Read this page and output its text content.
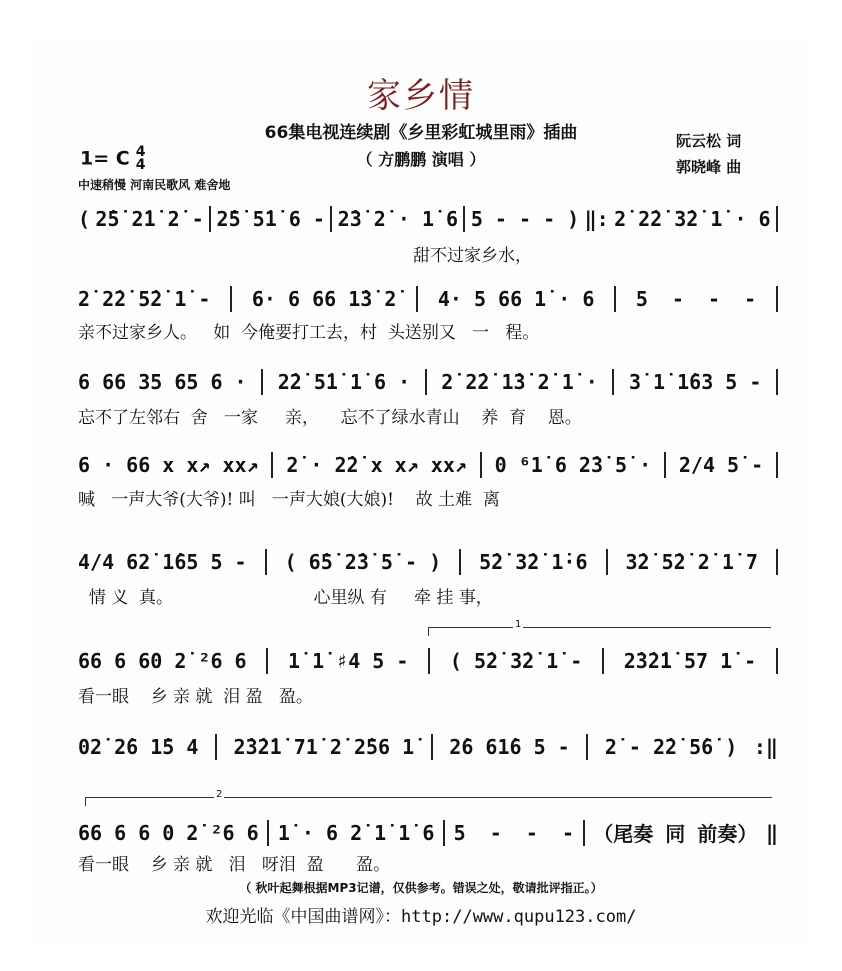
家乡情
66集电视连续剧《乡里彩虹城里雨》插曲
（ 方鹏鹏 演唱 ）
1= C 4
4
中速稍慢 河南民歌风 难舍地
阮云松 词
郭晓峰 曲
( 2̇5̇ 2̇1̇ 2̇ - 2̇5̇ 5̇1̇ 6 - 2̇3̇ 2̇ · 1̇ 6 5 - - - ) ‖: 2̇ 2̇2̇ 3̇2̇ 1̇ · 6
甜不过家乡水，
2̇ 2̇2̇ 5̇2̇ 1̇ - 6· 6 66 1̇3̇ 2̇ 4· 5 66 1̇ · 6 5  -  -  -
亲不过家乡人。   如  今俺要打工去，村  头送别又   一   程。
6 66 35 65 6 · 2̇2̇ 5̇1̇ 1̇ 6 · 2̇ 2̇2̇ 1̇3̇ 2̇ 1̇ · 3̇ 1̇ 1̇63 5 -
忘不了左邻右  舍   一家     亲，    忘不了绿水青山    养  育    恩。
6 · 66 x x↗ xx↗ 2̇ · 2̇2̇ x x↗ xx↗ 0 ⁶1̇ 6 2̇3̇ 5̇ · 2/4 5̇ -
喊   一声大爷(大爷)! 叫   一声大娘(大娘)!    故 土难  离
4/4 62̇ 1̇65 5 - ( 6̇5̇ 2̇3̇ 5̇ - ) 5̇2̇ 3̇2̇ 1̇·6 3̇2̇ 5̇2̇ 2̇ 1̇ 7
情 义  真。                          心里纵 有     牵 挂 事，
66 6 60 2̇ ²6 6 1̇ 1̇ ♯4 5 - ( 5̇2̇ 3̇2̇ 1̇ - 2̇3̇2̇1̇ 57 1̇ -
看一眼    乡 亲 就  泪 盈   盈。
02̇ 2̇6 1̇5 4 2̇3̇2̇1̇ 71̇ 2̇ 2̇56 1̇ 2̇6 61̇6 5 - 2̇ - 2̇2̇ 5̇6̇ ) :‖
66 6 6 0 2̇ ²6 6 1̇ · 6 2̇ 1̇ 1̇ 6 5  -  -  - （尾奏 同 前奏） ‖
看一眼    乡 亲 就   泪   呀泪  盈      盈。
1
2
（ 秋叶起舞根据MP3记谱，仅供参考。错误之处，敬请批评指正。）
欢迎光临《中国曲谱网》：http://www.qupu123.com/
